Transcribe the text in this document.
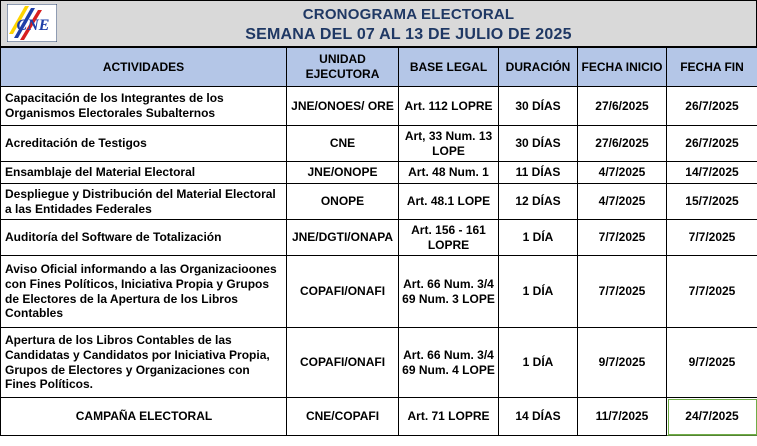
CNE
CRONOGRAMA ELECTORAL
SEMANA DEL 07 AL 13 DE JULIO DE 2025
ACTIVIDADES	UNIDAD EJECUTORA	BASE LEGAL	DURACIÓN	FECHA INICIO	FECHA FIN
Capacitación de los Integrantes de los Organismos Electorales Subalternos	JNE/ONOES/ ORE	Art. 112 LOPRE	30 DÍAS	27/6/2025	26/7/2025
Acreditación de Testigos	CNE	Art, 33 Num. 13 LOPE	30 DÍAS	27/6/2025	26/7/2025
Ensamblaje del Material Electoral	JNE/ONOPE	Art. 48 Num. 1	11 DÍAS	4/7/2025	14/7/2025
Despliegue y Distribución del Material Electoral a las Entidades Federales	ONOPE	Art. 48.1 LOPE	12 DÍAS	4/7/2025	15/7/2025
Auditoría del Software de Totalización	JNE/DGTI/ONAPA	Art. 156 - 161 LOPRE	1 DÍA	7/7/2025	7/7/2025
Aviso Oficial informando a las Organizacioones con Fines Políticos, Iniciativa Propia y Grupos de Electores de la Apertura de los Libros Contables	COPAFI/ONAFI	Art. 66 Num. 3/4 69 Num. 3 LOPE	1 DÍA	7/7/2025	7/7/2025
Apertura de los Libros Contables de las Candidatas y Candidatos por Iniciativa Propia, Grupos de Electores y Organizaciones con Fines Políticos.	COPAFI/ONAFI	Art. 66 Num. 3/4 69 Num. 4 LOPE	1 DÍA	9/7/2025	9/7/2025
CAMPAÑA ELECTORAL	CNE/COPAFI	Art. 71 LOPRE	14 DÍAS	11/7/2025	24/7/2025
